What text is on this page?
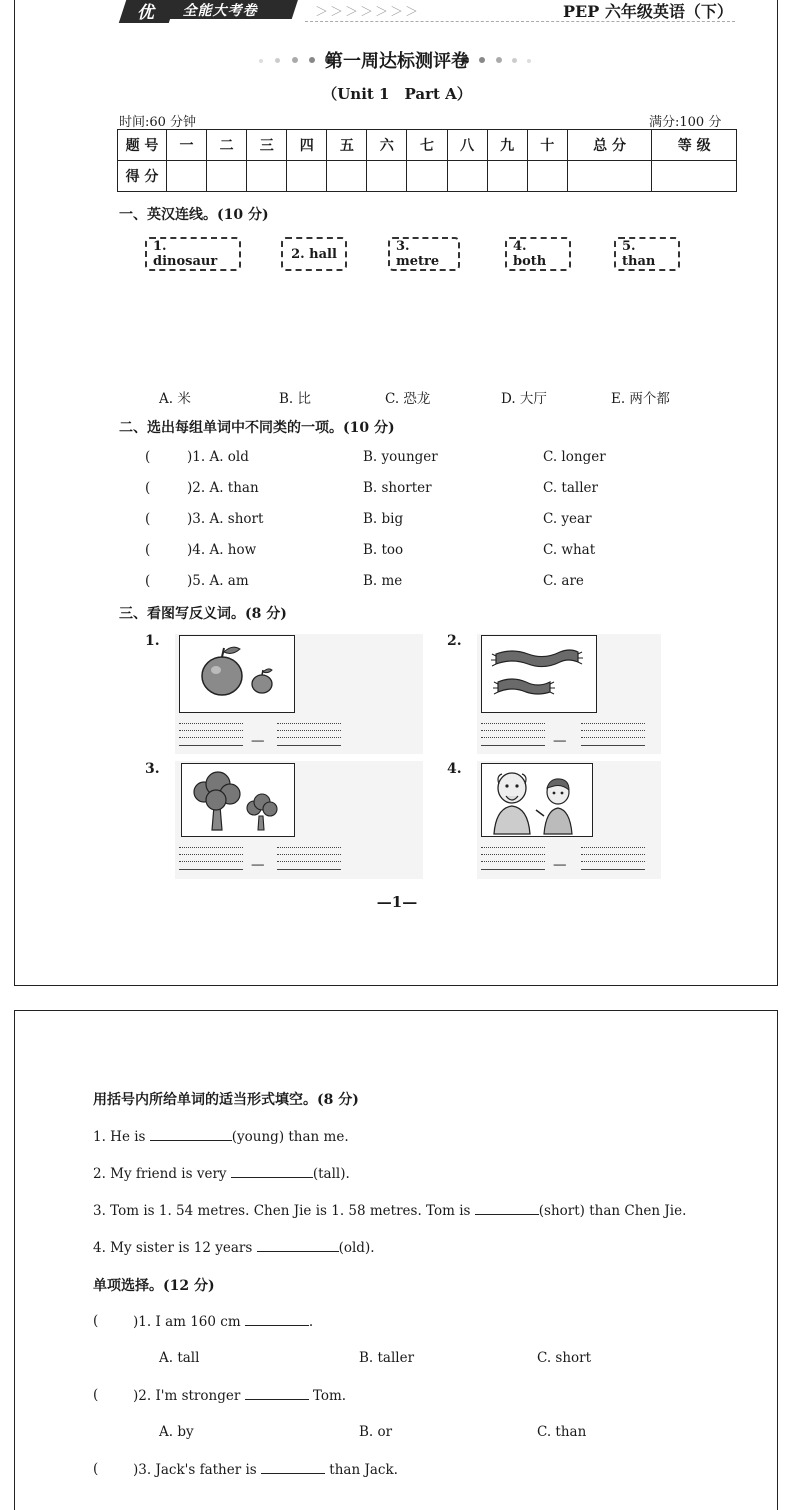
优 全能大考卷	＞＞＞＞＞＞＞	PEP 六年级英语（下）
第一周达标测评卷
（Unit 1　Part A）
时间:60 分钟	满分:100 分
题 号	一	二	三	四	五	六	七	八	九	十	总 分	等 级
得 分												
一、英汉连线。(10 分)
1. dinosaur	2. hall	3. metre
4. both
5. than
A. 米	B. 比	C. 恐龙	D. 大厅	E. 两个都
二、选出每组单词中不同类的一项。(10 分)
(	)1. A. old	B. younger	C. longer
(	)2. A. than	B. shorter	C. taller
(	)3. A. short	B. big	C. year
(	)4. A. how	B. too	C. what
(	)5. A. am	B. me	C. are
三、看图写反义词。(8 分)
1.
—
2.
—
3.
—
4.
—
—1—
用括号内所给单词的适当形式填空。(8 分)
1. He is	(young) than me.
2. My friend is very	(tall).
3. Tom is 1. 54 metres. Chen Jie is 1. 58 metres. Tom is	(short) than Chen Jie.
4. My sister is 12 years	(old).
单项选择。(12 分)
(	)1. I am 160 cm	.
A. tall	B. taller	C. short
(	)2. I'm stronger	Tom.
A. by	B. or	C. than
(	)3. Jack's father is	than Jack.
